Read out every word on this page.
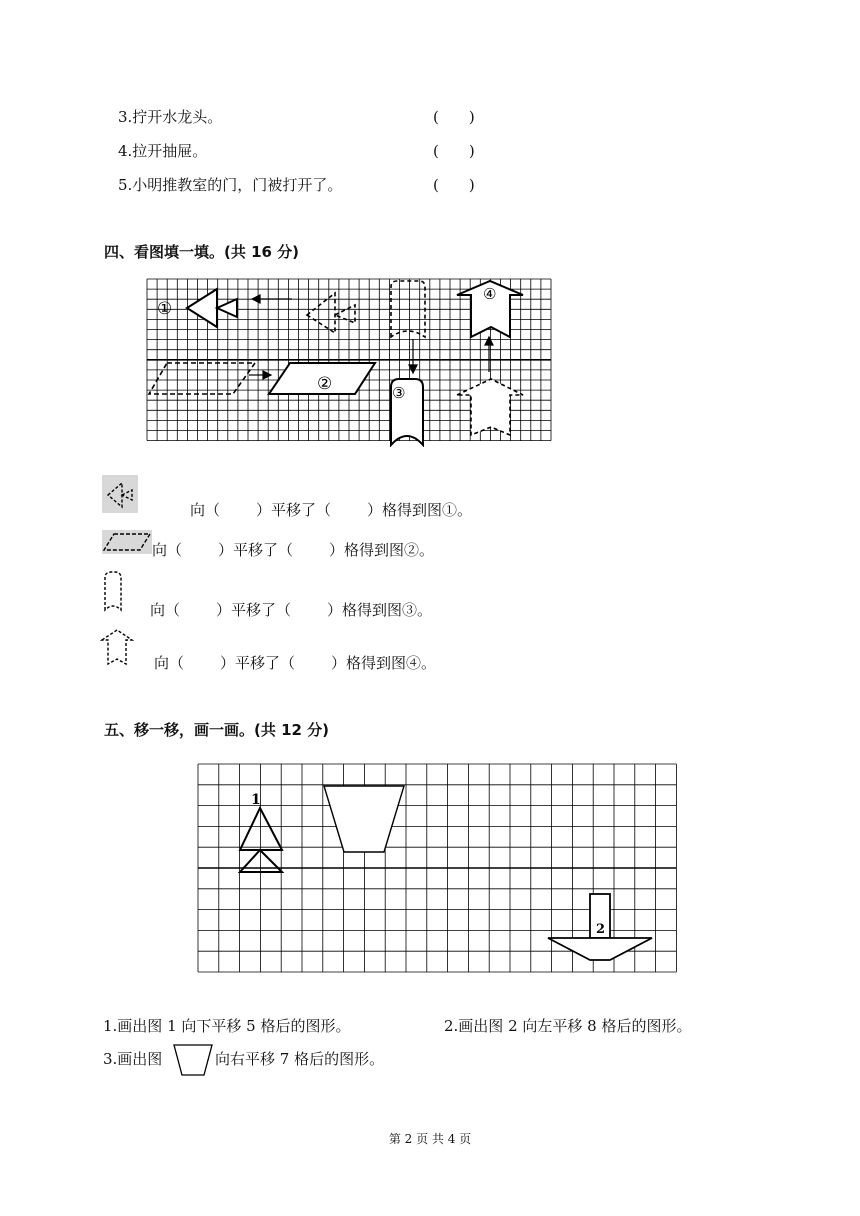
3.拧开水龙头。	(　　)
4.拉开抽屉。	(　　)
5.小明推教室的门，门被打开了。	(　　)
四、看图填一填。(共 16 分)
①
④
②	③
向（ ）平移了（ ）格得到图①。
向（ ）平移了（ ）格得到图②。
向（ ）平移了（ ）格得到图③。
向（ ）平移了（ ）格得到图④。
五、移一移，画一画。(共 12 分)
1
2
1.画出图 1 向下平移 5 格后的图形。	2.画出图 2 向左平移 8 格后的图形。
3.画出图	向右平移 7 格后的图形。
第 2 页 共 4 页
